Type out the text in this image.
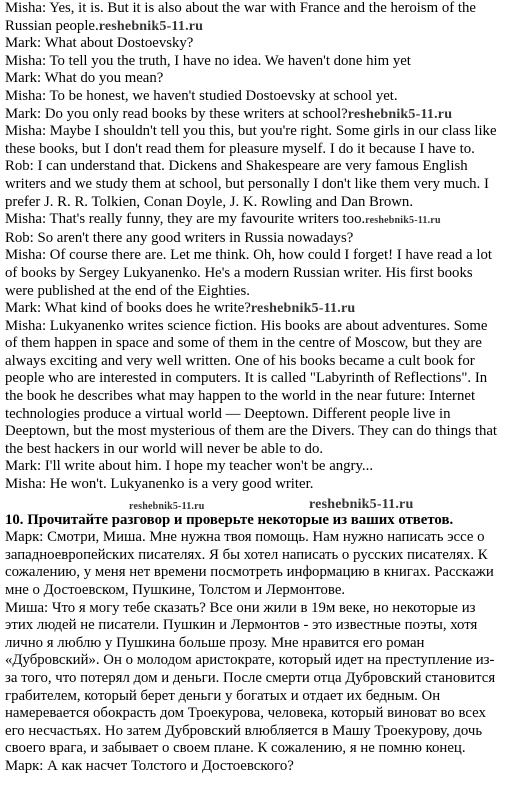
Misha: Yes, it is. But it is also about the war with France and the heroism of the
Russian people.reshebnik5-11.ru
Mark: What about Dostoevsky?
Misha: To tell you the truth, I have no idea. We haven't done him yet
Mark: What do you mean?
Misha: To be honest, we haven't studied Dostoevsky at school yet.
Mark: Do you only read books by these writers at school?reshebnik5-11.ru
Misha: Maybe I shouldn't tell you this, but you're right. Some girls in our class like
these books, but I don't read them for pleasure myself. I do it because I have to.
Rob: I can understand that. Dickens and Shakespeare are very famous English
writers and we study them at school, but personally I don't like them very much. I
prefer J. R. R. Tolkien, Conan Doyle, J. K. Rowling and Dan Brown.
Misha: That's really funny, they are my favourite writers too.reshebnik5-11.ru
Rob: So aren't there any good writers in Russia nowadays?
Misha: Of course there are. Let me think. Oh, how could I forget! I have read a lot
of books by Sergey Lukyanenko. He's a modern Russian writer. His first books
were published at the end of the Eighties.
Mark: What kind of books does he write?reshebnik5-11.ru
Misha: Lukyanenko writes science fiction. His books are about adventures. Some
of them happen in space and some of them in the centre of Moscow, but they are
always exciting and very well written. One of his books became a cult book for
people who are interested in computers. It is called "Labyrinth of Reflections". In
the book he describes what may happen to the world in the near future: Internet
technologies produce a virtual world — Deeptown. Different people live in
Deeptown, but the most mysterious of them are the Divers. They can do things that
the best hackers in our world will never be able to do.
Mark: I'll write about him. I hope my teacher won't be angry...
Misha: He won't. Lukyanenko is a very good writer.
reshebnik5-11.ru	reshebnik5-11.ru
10. Прочитайте разговор и проверьте некоторые из ваших ответов.
Марк: Смотри, Миша. Мне нужна твоя помощь. Нам нужно написать эссе о
западноевропейских писателях. Я бы хотел написать о русских писателях. К
сожалению, у меня нет времени посмотреть информацию в книгах. Расскажи
мне о Достоевском, Пушкине, Толстом и Лермонтове.
Миша: Что я могу тебе сказать? Все они жили в 19м веке, но некоторые из
этих людей не писатели. Пушкин и Лермонтов - это известные поэты, хотя
лично я люблю у Пушкина больше прозу. Мне нравится его роман
«Дубровский». Он о молодом аристократе, который идет на преступление из-
за того, что потерял дом и деньги. После смерти отца Дубровский становится
грабителем, который берет деньги у богатых и отдает их бедным. Он
намеревается обокрасть дом Троекурова, человека, который виноват во всех
его несчастьях. Но затем Дубровский влюбляется в Машу Троекурову, дочь
своего врага, и забывает о своем плане. К сожалению, я не помню конец.
Марк: А как насчет Толстого и Достоевского?
